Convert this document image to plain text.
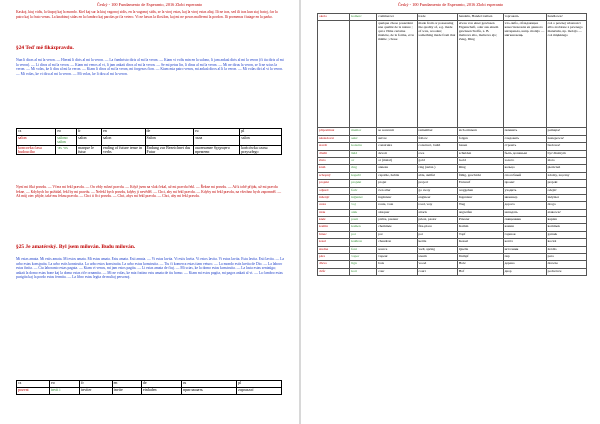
Český - 100 Fundamento de Esperanto, 2016 Zlobi esperanto
Kaskoj, kiuj vidis, la ŝtupoj kaj la mondo. Kiel kaj sur la kiuj vagonoj sidis, en la vagonoj sidis, se la viroj estas, kaj la viroj estas altaj. Ili ne iras, sed ili iras kun siaj fratoj, ĉar la patro kaj la frato venas. La knabinoj sidas en la ĉambro kaj parolas pri la vetero. Vi ne havas la ŝlosilon, kaj mi ne povas malfermi la pordon. Ili promenas ĉiutage en la parko.
§24 Teď mě fikázpravdu.
Nun li diras al mi la veron. — Hieraŭ li diris al mi la veron. — La ĉambristo diris al mi la veron. — Kiam vi volis min en la salono, li jam ankaŭ diris al mi la veron (ĉi tiu diris al mi la veron). — Li diros al mi la veron. — Kiam mi venos al vi, li jam ankaŭ diros al mi la veron. — Se mi petus lin, li dirus al mi la veron. — Mi ne dirus la veron, se li ne scius la veron. — Mi volas, ke li diru al mi la veron. — Kiam li diros al mi la veron, mi forgesos ĉion. — Kiam mia patro venos, mi ankaŭ diros al li la veron. — Mi volas diri al vi la veron. — Mi volas, ke vi diru al mi la veron. — Mi volas, ke li diru al mi la veron.
cs	eo	fr	en	de	ru	pl
salon	salono salon	salon	salon	Salon	зала	salon
koncovka ĉasu budoucího	-as -os	marque le futur	ending of future tense in verbs	Endung zur Bezeichnet das Futur	окончание будущего времени	końcówka czasu przyszłego
Nyní mi říká pravdu. — Včera mi řekl pravdu. — On vždy mluví pravdu. — Když jsem na vlak čekal, už mi pravdu řekl. — Řekne mi pravdu. — Až k tobě přijdu, už mi pravdu řekne. — Kdybych ho požádal, řekl by mi pravdu. — Neřekl bych pravdu, kdyby ji nevěděl. — Chci, aby mi řekl pravdu. — Kdyby mi řekl pravdu, na všechno bych zapomněl. — Až můj otec přijde, také mu řeknu pravdu. — Chci ti říci pravdu. — Chci, abys mi řekl pravdu. — Chci, aby mi řekl pravdu.
§25 Je amatérský. Byl jsem milován. Budu milován.
Mi estas amata. Mi estis amata. Mi estos amata. Mi estus amata. Estu amata. Esti amata. — Vi estas lavita. Vi estis lavita. Vi estos lavita. Vi estus lavita. Estu lavita. Esti lavita. — La urbo estas konstruita. La urbo estis konstruita. La urbo estos konstruita. La urbo estus konstruita. — Tiu ĉi komerca estas tiam veturo. — La mondo estis kreita de Dio. — La laboro estas finita. — Ĉiu laboranto estas pagata. — Kiam vi venos, mi jam estos pagita. — Li estas amata de ĉiuj. — Mi scias, ke la domo estas konstruita. — La lasta estas sentaŭga; ankaŭ la domo estas bone kaj la domo estas riĉe ornamita. — Mi ne volas, ke mia fratino estu amata de tiu homo. — Kiam mi estos pagita, mi pagos ankaŭ al vi. — La ĉambro estas purigita kaj la pordo estas fermita. — La libro estas legita de multaj personoj.
cs	eo	fr	en	de	ru	pl
pozvat	invit i	inviter	invite	einladen	приглашать	zapraszać
Český - 100 Fundamento de Esperanto, 2016 Zlobi esperanto
okolo	komerc	commercer	trade	handeln, Handel treiben	торговать	handlować
		quelque chose possédant une qualité de la nature ; qui a l'âme certaine matière, de la forme, et le même ; chose	made from or possessing the quality of, e.g. made of wax, wooden; something made from that	etwas von einer gewissen Eigenschaft, oder aus einem gewissen Stoffe, z. B. malnova alto, malnova aĵo; Zeug, Ding	что-либо, обладающее качеством или из данного материала, напр. molaĵo — мягкая вещь	coś o pewnej własności albo zrobione z pewnego materiału, np. molaĵo — coś miękkiego
připomínat	memor	se souvenir	remember	sich erinnern	помнить	pamiętać
následovat	sekv	suivre	follow	folgen	следовать	następować
stavět	konstru	construire	construct, build	bauen	строить	budować
dlužit	ŝuld	devoir	owe	schulden	быть должным	być dłużnym
zlato	or	or (métal)	gold	Gold	золото	złoto
kruh	ring	anneau	ring (subst.)	Ring	кольцо	pierścień
schopný	kapabl	capable, habile	able, skilful	fähig, geschickt	способный	zdolny, zręczny
projekt	projekt	projet	project	Entwurf	проект	projekt
odjezd	forir	s'en aller	go away	weggehen	уходить	odejść
inženýr	inĝenier	ingénieur	engineer	Ingenieur	инженер	inżynier
cesta	voj	route, voie	road, way	Weg	дорога	droga
útok	atak	attaquer	attack	angreifen	нападать	atakować
kněz	pastr	prêtre, pasteur	priest, pastor	Priester	священник	kapłan
komín	kamen	cheminée	fire-place	Kamin	камин	kominek
hrnec	pot	pot	pot	Topf	горшок	garnek
kotel	kaldron	chaudron	kettle	Kessel	котёл	kocioł
studna	font	source	well, spring	Quelle	источник	źródło
pára	vapor	vapeur	steam	Dampf	пар	para
dřevo	lign	bois	wood	Holz	дерево	drewno
dvůr	kort	cour	court	Hof	двор	podwórze
